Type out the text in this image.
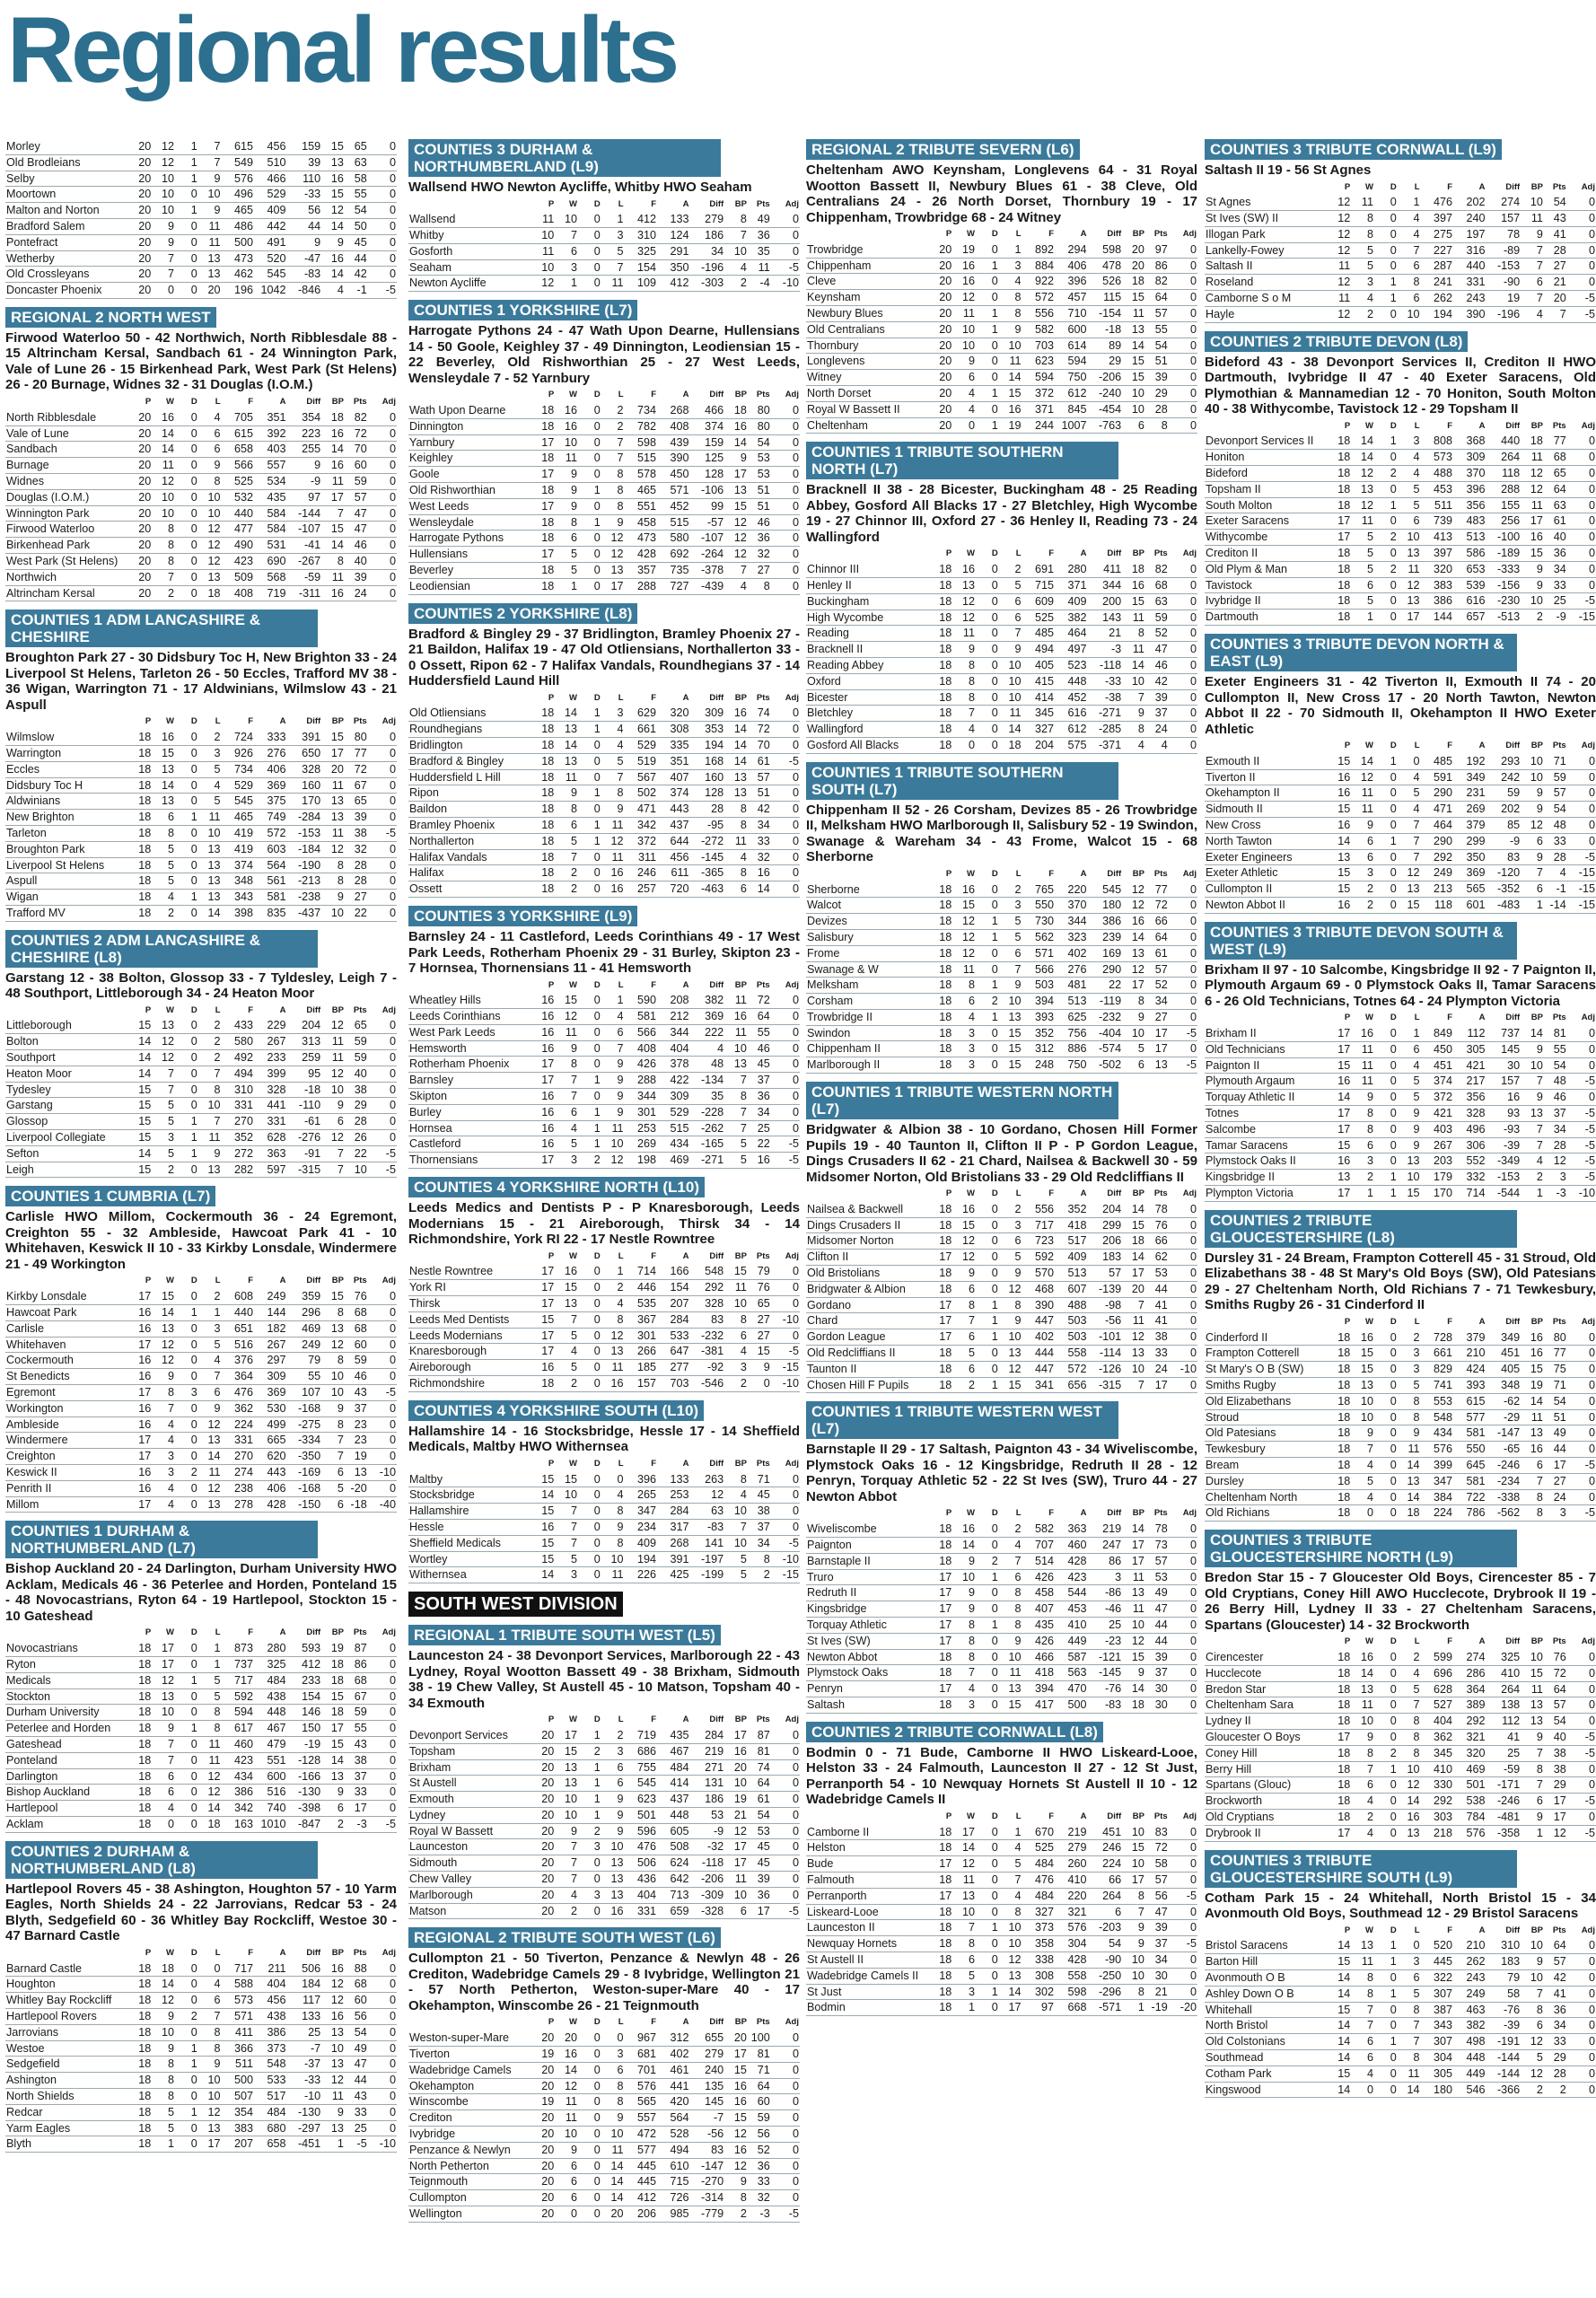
Regional results
Morley	20	12	1	7	615	456	159	15	65	0
Old Brodleians	20	12	1	7	549	510	39	13	63	0
Selby	20	10	1	9	576	466	110	16	58	0
Moortown	20	10	0	10	496	529	-33	15	55	0
Malton and Norton	20	10	1	9	465	409	56	12	54	0
Bradford Salem	20	9	0	11	486	442	44	14	50	0
Pontefract	20	9	0	11	500	491	9	9	45	0
Wetherby	20	7	0	13	473	520	-47	16	44	0
Old Crossleyans	20	7	0	13	462	545	-83	14	42	0
Doncaster Phoenix	20	0	0	20	196	1042	-846	4	-1	-5
REGIONAL 2 NORTH WEST
Firwood Waterloo 50 - 42 Northwich, North Ribblesdale 88 - 15 Altrincham Kersal, Sandbach 61 - 24 Winnington Park, Vale of Lune 26 - 15 Birkenhead Park, West Park (St Helens) 26 - 20 Burnage, Widnes 32 - 31 Douglas (I.O.M.)
	P	W	D	L	F	A	Diff	BP	Pts	Adj
North Ribblesdale	20	16	0	4	705	351	354	18	82	0
Vale of Lune	20	14	0	6	615	392	223	16	72	0
Sandbach	20	14	0	6	658	403	255	14	70	0
Burnage	20	11	0	9	566	557	9	16	60	0
Widnes	20	12	0	8	525	534	-9	11	59	0
Douglas (I.O.M.)	20	10	0	10	532	435	97	17	57	0
Winnington Park	20	10	0	10	440	584	-144	7	47	0
Firwood Waterloo	20	8	0	12	477	584	-107	15	47	0
Birkenhead Park	20	8	0	12	490	531	-41	14	46	0
West Park (St Helens)	20	8	0	12	423	690	-267	8	40	0
Northwich	20	7	0	13	509	568	-59	11	39	0
Altrincham Kersal	20	2	0	18	408	719	-311	16	24	0
COUNTIES 1 ADM LANCASHIRE & CHESHIRE
Broughton Park 27 - 30 Didsbury Toc H, New Brighton 33 - 24 Liverpool St Helens, Tarleton 26 - 50 Eccles, Trafford MV 38 - 36 Wigan, Warrington 71 - 17 Aldwinians, Wilmslow 43 - 21 Aspull
	P	W	D	L	F	A	Diff	BP	Pts	Adj
Wilmslow	18	16	0	2	724	333	391	15	80	0
Warrington	18	15	0	3	926	276	650	17	77	0
Eccles	18	13	0	5	734	406	328	20	72	0
Didsbury Toc H	18	14	0	4	529	369	160	11	67	0
Aldwinians	18	13	0	5	545	375	170	13	65	0
New Brighton	18	6	1	11	465	749	-284	13	39	0
Tarleton	18	8	0	10	419	572	-153	11	38	-5
Broughton Park	18	5	0	13	419	603	-184	12	32	0
Liverpool St Helens	18	5	0	13	374	564	-190	8	28	0
Aspull	18	5	0	13	348	561	-213	8	28	0
Wigan	18	4	1	13	343	581	-238	9	27	0
Trafford MV	18	2	0	14	398	835	-437	10	22	0
COUNTIES 2 ADM LANCASHIRE & CHESHIRE (L8)
Garstang 12 - 38 Bolton, Glossop 33 - 7 Tyldesley, Leigh 7 - 48 Southport, Littleborough 34 - 24 Heaton Moor
	P	W	D	L	F	A	Diff	BP	Pts	Adj
Littleborough	15	13	0	2	433	229	204	12	65	0
Bolton	14	12	0	2	580	267	313	11	59	0
Southport	14	12	0	2	492	233	259	11	59	0
Heaton Moor	14	7	0	7	494	399	95	12	40	0
Tydesley	15	7	0	8	310	328	-18	10	38	0
Garstang	15	5	0	10	331	441	-110	9	29	0
Glossop	15	5	1	7	270	331	-61	6	28	0
Liverpool Collegiate	15	3	1	11	352	628	-276	12	26	0
Sefton	14	5	1	9	272	363	-91	7	22	-5
Leigh	15	2	0	13	282	597	-315	7	10	-5
COUNTIES 1 CUMBRIA (L7)
Carlisle HWO Millom, Cockermouth 36 - 24 Egremont, Creighton 55 - 32 Ambleside, Hawcoat Park 41 - 10 Whitehaven, Keswick II 10 - 33 Kirkby Lonsdale, Windermere 21 - 49 Workington
	P	W	D	L	F	A	Diff	BP	Pts	Adj
Kirkby Lonsdale	17	15	0	2	608	249	359	15	76	0
Hawcoat Park	16	14	1	1	440	144	296	8	68	0
Carlisle	16	13	0	3	651	182	469	13	68	0
Whitehaven	17	12	0	5	516	267	249	12	60	0
Cockermouth	16	12	0	4	376	297	79	8	59	0
St Benedicts	16	9	0	7	364	309	55	10	46	0
Egremont	17	8	3	6	476	369	107	10	43	-5
Workington	16	7	0	9	362	530	-168	9	37	0
Ambleside	16	4	0	12	224	499	-275	8	23	0
Windermere	17	4	0	13	331	665	-334	7	23	0
Creighton	17	3	0	14	270	620	-350	7	19	0
Keswick II	16	3	2	11	274	443	-169	6	13	-10
Penrith II	16	4	0	12	238	406	-168	5	-20	0
Millom	17	4	0	13	278	428	-150	6	-18	-40
COUNTIES 1 DURHAM & NORTHUMBERLAND (L7)
Bishop Auckland 20 - 24 Darlington, Durham University HWO Acklam, Medicals 46 - 36 Peterlee and Horden, Ponteland 15 - 48 Novocastrians, Ryton 64 - 19 Hartlepool, Stockton 15 - 10 Gateshead
	P	W	D	L	F	A	Diff	BP	Pts	Adj
Novocastrians	18	17	0	1	873	280	593	19	87	0
Ryton	18	17	0	1	737	325	412	18	86	0
Medicals	18	12	1	5	717	484	233	18	68	0
Stockton	18	13	0	5	592	438	154	15	67	0
Durham University	18	10	0	8	594	448	146	18	59	0
Peterlee and Horden	18	9	1	8	617	467	150	17	55	0
Gateshead	18	7	0	11	460	479	-19	15	43	0
Ponteland	18	7	0	11	423	551	-128	14	38	0
Darlington	18	6	0	12	434	600	-166	13	37	0
Bishop Auckland	18	6	0	12	386	516	-130	9	33	0
Hartlepool	18	4	0	14	342	740	-398	6	17	0
Acklam	18	0	0	18	163	1010	-847	2	-3	-5
COUNTIES 2 DURHAM & NORTHUMBERLAND (L8)
Hartlepool Rovers 45 - 38 Ashington, Houghton 57 - 10 Yarm Eagles, North Shields 24 - 22 Jarrovians, Redcar 53 - 24 Blyth, Sedgefield 60 - 36 Whitley Bay Rockcliff, Westoe 30 - 47 Barnard Castle
	P	W	D	L	F	A	Diff	BP	Pts	Adj
Barnard Castle	18	18	0	0	717	211	506	16	88	0
Houghton	18	14	0	4	588	404	184	12	68	0
Whitley Bay Rockcliff	18	12	0	6	573	456	117	12	60	0
Hartlepool Rovers	18	9	2	7	571	438	133	16	56	0
Jarrovians	18	10	0	8	411	386	25	13	54	0
Westoe	18	9	1	8	366	373	-7	10	49	0
Sedgefield	18	8	1	9	511	548	-37	13	47	0
Ashington	18	8	0	10	500	533	-33	12	44	0
North Shields	18	8	0	10	507	517	-10	11	43	0
Redcar	18	5	1	12	354	484	-130	9	33	0
Yarm Eagles	18	5	0	13	383	680	-297	13	25	0
Blyth	18	1	0	17	207	658	-451	1	-5	-10
COUNTIES 3 DURHAM & NORTHUMBERLAND (L9)
Wallsend HWO Newton Aycliffe, Whitby HWO Seaham
	P	W	D	L	F	A	Diff	BP	Pts	Adj
Wallsend	11	10	0	1	412	133	279	8	49	0
Whitby	10	7	0	3	310	124	186	7	36	0
Gosforth	11	6	0	5	325	291	34	10	35	0
Seaham	10	3	0	7	154	350	-196	4	11	-5
Newton Aycliffe	12	1	0	11	109	412	-303	2	-4	-10
COUNTIES 1 YORKSHIRE (L7)
Harrogate Pythons 24 - 47 Wath Upon Dearne, Hullensians 14 - 50 Goole, Keighley 37 - 49 Dinnington, Leodiensian 15 - 22 Beverley, Old Rishworthian 25 - 27 West Leeds, Wensleydale 7 - 52 Yarnbury
	P	W	D	L	F	A	Diff	BP	Pts	Adj
Wath Upon Dearne	18	16	0	2	734	268	466	18	80	0
Dinnington	18	16	0	2	782	408	374	16	80	0
Yarnbury	17	10	0	7	598	439	159	14	54	0
Keighley	18	11	0	7	515	390	125	9	53	0
Goole	17	9	0	8	578	450	128	17	53	0
Old Rishworthian	18	9	1	8	465	571	-106	13	51	0
West Leeds	17	9	0	8	551	452	99	15	51	0
Wensleydale	18	8	1	9	458	515	-57	12	46	0
Harrogate Pythons	18	6	0	12	473	580	-107	12	36	0
Hullensians	17	5	0	12	428	692	-264	12	32	0
Beverley	18	5	0	13	357	735	-378	7	27	0
Leodiensian	18	1	0	17	288	727	-439	4	8	0
COUNTIES 2 YORKSHIRE (L8)
Bradford & Bingley 29 - 37 Bridlington, Bramley Phoenix 27 - 21 Baildon, Halifax 19 - 47 Old Otliensians, Northallerton 33 - 0 Ossett, Ripon 62 - 7 Halifax Vandals, Roundhegians 37 - 14 Huddersfield Laund Hill
	P	W	D	L	F	A	Diff	BP	Pts	Adj
Old Otliensians	18	14	1	3	629	320	309	16	74	0
Roundhegians	18	13	1	4	661	308	353	14	72	0
Bridlington	18	14	0	4	529	335	194	14	70	0
Bradford & Bingley	18	13	0	5	519	351	168	14	61	-5
Huddersfield L Hill	18	11	0	7	567	407	160	13	57	0
Ripon	18	9	1	8	502	374	128	13	51	0
Baildon	18	8	0	9	471	443	28	8	42	0
Bramley Phoenix	18	6	1	11	342	437	-95	8	34	0
Northallerton	18	5	1	12	372	644	-272	11	33	0
Halifax Vandals	18	7	0	11	311	456	-145	4	32	0
Halifax	18	2	0	16	246	611	-365	8	16	0
Ossett	18	2	0	16	257	720	-463	6	14	0
COUNTIES 3 YORKSHIRE (L9)
Barnsley 24 - 11 Castleford, Leeds Corinthians 49 - 17 West Park Leeds, Rotherham Phoenix 29 - 31 Burley, Skipton 23 - 7 Hornsea, Thornensians 11 - 41 Hemsworth
	P	W	D	L	F	A	Diff	BP	Pts	Adj
Wheatley Hills	16	15	0	1	590	208	382	11	72	0
Leeds Corinthians	16	12	0	4	581	212	369	16	64	0
West Park Leeds	16	11	0	6	566	344	222	11	55	0
Hemsworth	16	9	0	7	408	404	4	10	46	0
Rotherham Phoenix	17	8	0	9	426	378	48	13	45	0
Barnsley	17	7	1	9	288	422	-134	7	37	0
Skipton	16	7	0	9	344	309	35	8	36	0
Burley	16	6	1	9	301	529	-228	7	34	0
Hornsea	16	4	1	11	253	515	-262	7	25	0
Castleford	16	5	1	10	269	434	-165	5	22	-5
Thornensians	17	3	2	12	198	469	-271	5	16	-5
COUNTIES 4 YORKSHIRE NORTH (L10)
Leeds Medics and Dentists P - P Knaresborough, Leeds Modernians 15 - 21 Aireborough, Thirsk 34 - 14 Richmondshire, York RI 22 - 17 Nestle Rowntree
	P	W	D	L	F	A	Diff	BP	Pts	Adj
Nestle Rowntree	17	16	0	1	714	166	548	15	79	0
York RI	17	15	0	2	446	154	292	11	76	0
Thirsk	17	13	0	4	535	207	328	10	65	0
Leeds Med Dentists	15	7	0	8	367	284	83	8	27	-10
Leeds Modernians	17	5	0	12	301	533	-232	6	27	0
Knaresborough	17	4	0	13	266	647	-381	4	15	-5
Aireborough	16	5	0	11	185	277	-92	3	9	-15
Richmondshire	18	2	0	16	157	703	-546	2	0	-10
COUNTIES 4 YORKSHIRE SOUTH (L10)
Hallamshire 14 - 16 Stocksbridge, Hessle 17 - 14 Sheffield Medicals, Maltby HWO Withernsea
	P	W	D	L	F	A	Diff	BP	Pts	Adj
Maltby	15	15	0	0	396	133	263	8	71	0
Stocksbridge	14	10	0	4	265	253	12	4	45	0
Hallamshire	15	7	0	8	347	284	63	10	38	0
Hessle	16	7	0	9	234	317	-83	7	37	0
Sheffield Medicals	15	7	0	8	409	268	141	10	34	-5
Wortley	15	5	0	10	194	391	-197	5	8	-10
Withernsea	14	3	0	11	226	425	-199	5	2	-15
SOUTH WEST DIVISION
REGIONAL 1 TRIBUTE SOUTH WEST (L5)
Launceston 24 - 38 Devonport Services, Marlborough 22 - 43 Lydney, Royal Wootton Bassett 49 - 38 Brixham, Sidmouth 38 - 19 Chew Valley, St Austell 45 - 10 Matson, Topsham 40 - 34 Exmouth
	P	W	D	L	F	A	Diff	BP	Pts	Adj
Devonport Services	20	17	1	2	719	435	284	17	87	0
Topsham	20	15	2	3	686	467	219	16	81	0
Brixham	20	13	1	6	755	484	271	20	74	0
St Austell	20	13	1	6	545	414	131	10	64	0
Exmouth	20	10	1	9	623	437	186	19	61	0
Lydney	20	10	1	9	501	448	53	21	54	0
Royal W Bassett	20	9	2	9	596	605	-9	12	53	0
Launceston	20	7	3	10	476	508	-32	17	45	0
Sidmouth	20	7	0	13	506	624	-118	17	45	0
Chew Valley	20	7	0	13	436	642	-206	11	39	0
Marlborough	20	4	3	13	404	713	-309	10	36	0
Matson	20	2	0	16	331	659	-328	6	17	-5
REGIONAL 2 TRIBUTE SOUTH WEST (L6)
Cullompton 21 - 50 Tiverton, Penzance & Newlyn 48 - 26 Crediton, Wadebridge Camels 29 - 8 Ivybridge, Wellington 21 - 57 North Petherton, Weston-super-Mare 40 - 17 Okehampton, Winscombe 26 - 21 Teignmouth
	P	W	D	L	F	A	Diff	BP	Pts	Adj
Weston-super-Mare	20	20	0	0	967	312	655	20	100	0
Tiverton	19	16	0	3	681	402	279	17	81	0
Wadebridge Camels	20	14	0	6	701	461	240	15	71	0
Okehampton	20	12	0	8	576	441	135	16	64	0
Winscombe	19	11	0	8	565	420	145	16	60	0
Crediton	20	11	0	9	557	564	-7	15	59	0
Ivybridge	20	10	0	10	472	528	-56	12	56	0
Penzance & Newlyn	20	9	0	11	577	494	83	16	52	0
North Petherton	20	6	0	14	445	610	-147	12	36	0
Teignmouth	20	6	0	14	445	715	-270	9	33	0
Cullompton	20	6	0	14	412	726	-314	8	32	0
Wellington	20	0	0	20	206	985	-779	2	-3	-5
REGIONAL 2 TRIBUTE SEVERN (L6)
Cheltenham AWO Keynsham, Longlevens 64 - 31 Royal Wootton Bassett II, Newbury Blues 61 - 38 Cleve, Old Centralians 24 - 26 North Dorset, Thornbury 19 - 17 Chippenham, Trowbridge 68 - 24 Witney
	P	W	D	L	F	A	Diff	BP	Pts	Adj
Trowbridge	20	19	0	1	892	294	598	20	97	0
Chippenham	20	16	1	3	884	406	478	20	86	0
Cleve	20	16	0	4	922	396	526	18	82	0
Keynsham	20	12	0	8	572	457	115	15	64	0
Newbury Blues	20	11	1	8	556	710	-154	11	57	0
Old Centralians	20	10	1	9	582	600	-18	13	55	0
Thornbury	20	10	0	10	703	614	89	14	54	0
Longlevens	20	9	0	11	623	594	29	15	51	0
Witney	20	6	0	14	594	750	-206	15	39	0
North Dorset	20	4	1	15	372	612	-240	10	29	0
Royal W Bassett II	20	4	0	16	371	845	-454	10	28	0
Cheltenham	20	0	1	19	244	1007	-763	6	8	0
COUNTIES 1 TRIBUTE SOUTHERN NORTH (L7)
Bracknell II 38 - 28 Bicester, Buckingham 48 - 25 Reading Abbey, Gosford All Blacks 17 - 27 Bletchley, High Wycombe 19 - 27 Chinnor III, Oxford 27 - 36 Henley II, Reading 73 - 24 Wallingford
	P	W	D	L	F	A	Diff	BP	Pts	Adj
Chinnor III	18	16	0	2	691	280	411	18	82	0
Henley II	18	13	0	5	715	371	344	16	68	0
Buckingham	18	12	0	6	609	409	200	15	63	0
High Wycombe	18	12	0	6	525	382	143	11	59	0
Reading	18	11	0	7	485	464	21	8	52	0
Bracknell II	18	9	0	9	494	497	-3	11	47	0
Reading Abbey	18	8	0	10	405	523	-118	14	46	0
Oxford	18	8	0	10	415	448	-33	10	42	0
Bicester	18	8	0	10	414	452	-38	7	39	0
Bletchley	18	7	0	11	345	616	-271	9	37	0
Wallingford	18	4	0	14	327	612	-285	8	24	0
Gosford All Blacks	18	0	0	18	204	575	-371	4	4	0
COUNTIES 1 TRIBUTE SOUTHERN SOUTH (L7)
Chippenham II 52 - 26 Corsham, Devizes 85 - 26 Trowbridge II, Melksham HWO Marlborough II, Salisbury 52 - 19 Swindon, Swanage & Wareham 34 - 43 Frome, Walcot 15 - 68 Sherborne
	P	W	D	L	F	A	Diff	BP	Pts	Adj
Sherborne	18	16	0	2	765	220	545	12	77	0
Walcot	18	15	0	3	550	370	180	12	72	0
Devizes	18	12	1	5	730	344	386	16	66	0
Salisbury	18	12	1	5	562	323	239	14	64	0
Frome	18	12	0	6	571	402	169	13	61	0
Swanage & W	18	11	0	7	566	276	290	12	57	0
Melksham	18	8	1	9	503	481	22	17	52	0
Corsham	18	6	2	10	394	513	-119	8	34	0
Trowbridge II	18	4	1	13	393	625	-232	9	27	0
Swindon	18	3	0	15	352	756	-404	10	17	-5
Chippenham II	18	3	0	15	312	886	-574	5	17	0
Marlborough II	18	3	0	15	248	750	-502	6	13	-5
COUNTIES 1 TRIBUTE WESTERN NORTH (L7)
Bridgwater & Albion 38 - 10 Gordano, Chosen Hill Former Pupils 19 - 40 Taunton II, Clifton II P - P Gordon League, Dings Crusaders II 62 - 21 Chard, Nailsea & Backwell 30 - 59 Midsomer Norton, Old Bristolians 33 - 29 Old Redcliffians II
	P	W	D	L	F	A	Diff	BP	Pts	Adj
Nailsea & Backwell	18	16	0	2	556	352	204	14	78	0
Dings Crusaders II	18	15	0	3	717	418	299	15	76	0
Midsomer Norton	18	12	0	6	723	517	206	18	66	0
Clifton II	17	12	0	5	592	409	183	14	62	0
Old Bristolians	18	9	0	9	570	513	57	17	53	0
Bridgwater & Albion	18	6	0	12	468	607	-139	20	44	0
Gordano	17	8	1	8	390	488	-98	7	41	0
Chard	17	7	1	9	447	503	-56	11	41	0
Gordon League	17	6	1	10	402	503	-101	12	38	0
Old Redcliffians II	18	5	0	13	444	558	-114	13	33	0
Taunton II	18	6	0	12	447	572	-126	10	24	-10
Chosen Hill F Pupils	18	2	1	15	341	656	-315	7	17	0
COUNTIES 1 TRIBUTE WESTERN WEST (L7)
Barnstaple II 29 - 17 Saltash, Paignton 43 - 34 Wiveliscombe, Plymstock Oaks 16 - 12 Kingsbridge, Redruth II 28 - 12 Penryn, Torquay Athletic 52 - 22 St Ives (SW), Truro 44 - 27 Newton Abbot
	P	W	D	L	F	A	Diff	BP	Pts	Adj
Wiveliscombe	18	16	0	2	582	363	219	14	78	0
Paignton	18	14	0	4	707	460	247	17	73	0
Barnstaple II	18	9	2	7	514	428	86	17	57	0
Truro	17	10	1	6	426	423	3	11	53	0
Redruth II	17	9	0	8	458	544	-86	13	49	0
Kingsbridge	17	9	0	8	407	453	-46	11	47	0
Torquay Athletic	17	8	1	8	435	410	25	10	44	0
St Ives (SW)	17	8	0	9	426	449	-23	12	44	0
Newton Abbot	18	8	0	10	466	587	-121	15	39	0
Plymstock Oaks	18	7	0	11	418	563	-145	9	37	0
Penryn	17	4	0	13	394	470	-76	14	30	0
Saltash	18	3	0	15	417	500	-83	18	30	0
COUNTIES 2 TRIBUTE CORNWALL (L8)
Bodmin 0 - 71 Bude, Camborne II HWO Liskeard-Looe, Helston 33 - 24 Falmouth, Launceston II 27 - 12 St Just, Perranporth 54 - 10 Newquay Hornets St Austell II 10 - 12 Wadebridge Camels II
	P	W	D	L	F	A	Diff	BP	Pts	Adj
Camborne II	18	17	0	1	670	219	451	10	83	0
Helston	18	14	0	4	525	279	246	15	72	0
Bude	17	12	0	5	484	260	224	10	58	0
Falmouth	18	11	0	7	476	410	66	17	57	0
Perranporth	17	13	0	4	484	220	264	8	56	-5
Liskeard-Looe	18	10	0	8	327	321	6	7	47	0
Launceston II	18	7	1	10	373	576	-203	9	39	0
Newquay Hornets	18	8	0	10	358	304	54	9	37	-5
St Austell II	18	6	0	12	338	428	-90	10	34	0
Wadebridge Camels II	18	5	0	13	308	558	-250	10	30	0
St Just	18	3	1	14	302	598	-296	8	21	0
Bodmin	18	1	0	17	97	668	-571	1	-19	-20
COUNTIES 3 TRIBUTE CORNWALL (L9)
Saltash II 19 - 56 St Agnes
	P	W	D	L	F	A	Diff	BP	Pts	Adj
St Agnes	12	11	0	1	476	202	274	10	54	0
St Ives (SW) II	12	8	0	4	397	240	157	11	43	0
Illogan Park	12	8	0	4	275	197	78	9	41	0
Lankelly-Fowey	12	5	0	7	227	316	-89	7	28	0
Saltash II	11	5	0	6	287	440	-153	7	27	0
Roseland	12	3	1	8	241	331	-90	6	21	0
Camborne S o M	11	4	1	6	262	243	19	7	20	-5
Hayle	12	2	0	10	194	390	-196	4	7	-5
COUNTIES 2 TRIBUTE DEVON (L8)
Bideford 43 - 38 Devonport Services II, Crediton II HWO Dartmouth, Ivybridge II 47 - 40 Exeter Saracens, Old Plymothian & Mannamedian 12 - 70 Honiton, South Molton 40 - 38 Withycombe, Tavistock 12 - 29 Topsham II
	P	W	D	L	F	A	Diff	BP	Pts	Adj
Devonport Services II	18	14	1	3	808	368	440	18	77	0
Honiton	18	14	0	4	573	309	264	11	68	0
Bideford	18	12	2	4	488	370	118	12	65	0
Topsham II	18	13	0	5	453	396	288	12	64	0
South Molton	18	12	1	5	511	356	155	11	63	0
Exeter Saracens	17	11	0	6	739	483	256	17	61	0
Withycombe	17	5	2	10	413	513	-100	16	40	0
Crediton II	18	5	0	13	397	586	-189	15	36	0
Old Plym & Man	18	5	2	11	320	653	-333	9	34	0
Tavistock	18	6	0	12	383	539	-156	9	33	0
Ivybridge II	18	5	0	13	386	616	-230	10	25	-5
Dartmouth	18	1	0	17	144	657	-513	2	-9	-15
COUNTIES 3 TRIBUTE DEVON NORTH & EAST (L9)
Exeter Engineers 31 - 42 Tiverton II, Exmouth II 74 - 20 Cullompton II, New Cross 17 - 20 North Tawton, Newton Abbot II 22 - 70 Sidmouth II, Okehampton II HWO Exeter Athletic
	P	W	D	L	F	A	Diff	BP	Pts	Adj
Exmouth II	15	14	1	0	485	192	293	10	71	0
Tiverton II	16	12	0	4	591	349	242	10	59	0
Okehampton II	16	11	0	5	290	231	59	9	57	0
Sidmouth II	15	11	0	4	471	269	202	9	54	0
New Cross	16	9	0	7	464	379	85	12	48	0
North Tawton	14	6	1	7	290	299	-9	6	33	0
Exeter Engineers	13	6	0	7	292	350	83	9	28	-5
Exeter Athletic	15	3	0	12	249	369	-120	7	4	-15
Cullompton II	15	2	0	13	213	565	-352	6	-1	-15
Newton Abbot II	16	2	0	15	118	601	-483	1	-14	-15
COUNTIES 3 TRIBUTE DEVON SOUTH & WEST (L9)
Brixham II 97 - 10 Salcombe, Kingsbridge II 92 - 7 Paignton II, Plymouth Argaum 69 - 0 Plymstock Oaks II, Tamar Saracens 6 - 26 Old Technicians, Totnes 64 - 24 Plympton Victoria
	P	W	D	L	F	A	Diff	BP	Pts	Adj
Brixham II	17	16	0	1	849	112	737	14	81	0
Old Technicians	17	11	0	6	450	305	145	9	55	0
Paignton II	15	11	0	4	451	421	30	10	54	0
Plymouth Argaum	16	11	0	5	374	217	157	7	48	-5
Torquay Athletic II	14	9	0	5	372	356	16	9	46	0
Totnes	17	8	0	9	421	328	93	13	37	-5
Salcombe	17	8	0	9	403	496	-93	7	34	-5
Tamar Saracens	15	6	0	9	267	306	-39	7	28	-5
Plymstock Oaks II	16	3	0	13	203	552	-349	4	12	-5
Kingsbridge II	13	2	1	10	179	332	-153	2	3	-5
Plympton Victoria	17	1	1	15	170	714	-544	1	-3	-10
COUNTIES 2 TRIBUTE GLOUCESTERSHIRE (L8)
Dursley 31 - 24 Bream, Frampton Cotterell 45 - 31 Stroud, Old Elizabethans 38 - 48 St Mary's Old Boys (SW), Old Patesians 29 - 27 Cheltenham North, Old Richians 7 - 71 Tewkesbury, Smiths Rugby 26 - 31 Cinderford II
	P	W	D	L	F	A	Diff	BP	Pts	Adj
Cinderford II	18	16	0	2	728	379	349	16	80	0
Frampton Cotterell	18	15	0	3	661	210	451	16	77	0
St Mary's O B (SW)	18	15	0	3	829	424	405	15	75	0
Smiths Rugby	18	13	0	5	741	393	348	19	71	0
Old Elizabethans	18	10	0	8	553	615	-62	14	54	0
Stroud	18	10	0	8	548	577	-29	11	51	0
Old Patesians	18	9	0	9	434	581	-147	13	49	0
Tewkesbury	18	7	0	11	576	550	-65	16	44	0
Bream	18	4	0	14	399	645	-246	6	17	-5
Dursley	18	5	0	13	347	581	-234	7	27	0
Cheltenham North	18	4	0	14	384	722	-338	8	24	0
Old Richians	18	0	0	18	224	786	-562	8	3	-5
COUNTIES 3 TRIBUTE GLOUCESTERSHIRE NORTH (L9)
Bredon Star 15 - 7 Gloucester Old Boys, Cirencester 85 - 7 Old Cryptians, Coney Hill AWO Hucclecote, Drybrook II 19 - 26 Berry Hill, Lydney II 33 - 27 Cheltenham Saracens, Spartans (Gloucester) 14 - 32 Brockworth
	P	W	D	L	F	A	Diff	BP	Pts	Adj
Cirencester	18	16	0	2	599	274	325	10	76	0
Hucclecote	18	14	0	4	696	286	410	15	72	0
Bredon Star	18	13	0	5	628	364	264	11	64	0
Cheltenham Sara	18	11	0	7	527	389	138	13	57	0
Lydney II	18	10	0	8	404	292	112	13	54	0
Gloucester O Boys	17	9	0	8	362	321	41	9	40	-5
Coney Hill	18	8	2	8	345	320	25	7	38	-5
Berry Hill	18	7	1	10	410	469	-59	8	38	0
Spartans (Glouc)	18	6	0	12	330	501	-171	7	29	0
Brockworth	18	4	0	14	292	538	-246	6	17	-5
Old Cryptians	18	2	0	16	303	784	-481	9	17	0
Drybrook II	17	4	0	13	218	576	-358	1	12	-5
COUNTIES 3 TRIBUTE GLOUCESTERSHIRE SOUTH (L9)
Cotham Park 15 - 24 Whitehall, North Bristol 15 - 34 Avonmouth Old Boys, Southmead 12 - 29 Bristol Saracens
	P	W	D	L	F	A	Diff	BP	Pts	Adj
Bristol Saracens	14	13	1	0	520	210	310	10	64	0
Barton Hill	15	11	1	3	445	262	183	9	57	0
Avonmouth O B	14	8	0	6	322	243	79	10	42	0
Ashley Down O B	14	8	1	5	307	249	58	7	41	0
Whitehall	15	7	0	8	387	463	-76	8	36	0
North Bristol	14	7	0	7	343	382	-39	6	34	0
Old Colstonians	14	6	1	7	307	498	-191	12	33	0
Southmead	14	6	0	8	304	448	-144	5	29	0
Cotham Park	15	4	0	11	305	449	-144	12	28	0
Kingswood	14	0	0	14	180	546	-366	2	2	0
